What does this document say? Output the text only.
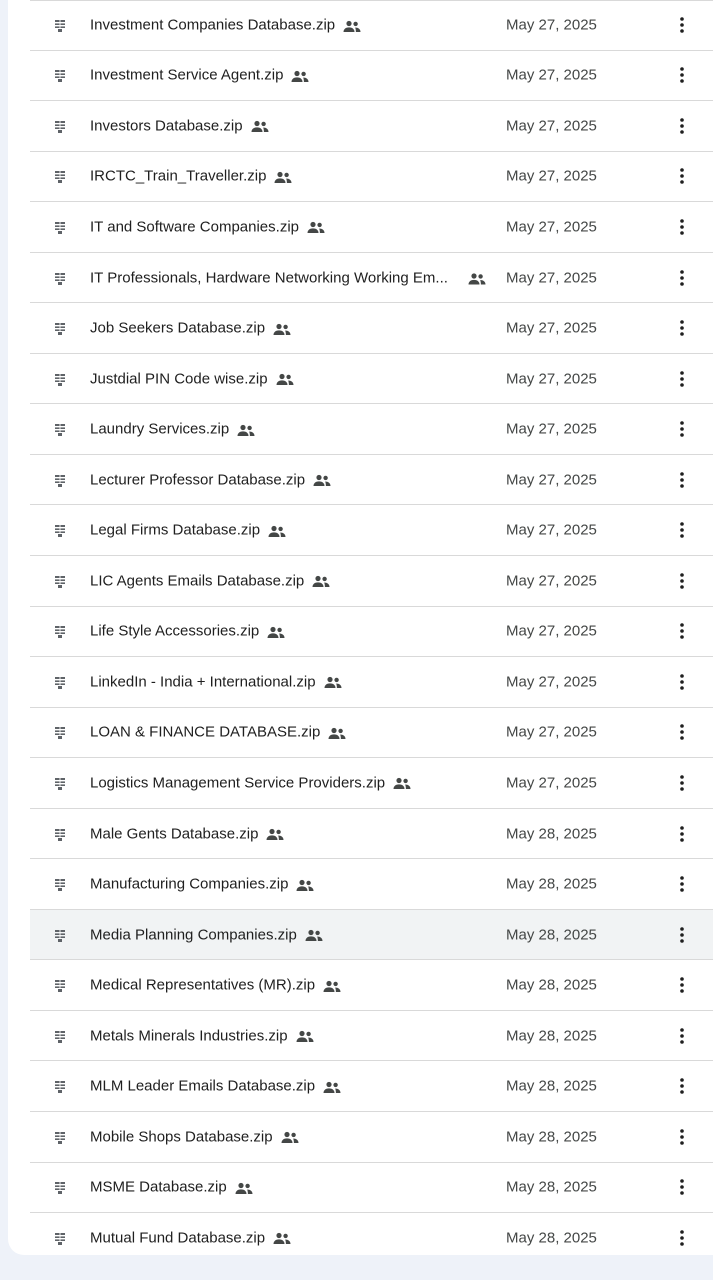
Investment Companies Database.zip	May 27, 2025
Investment Service Agent.zip	May 27, 2025
Investors Database.zip	May 27, 2025
IRCTC_Train_Traveller.zip	May 27, 2025
IT and Software Companies.zip	May 27, 2025
IT Professionals, Hardware Networking Working Em...	May 27, 2025
Job Seekers Database.zip	May 27, 2025
Justdial PIN Code wise.zip	May 27, 2025
Laundry Services.zip	May 27, 2025
Lecturer Professor Database.zip	May 27, 2025
Legal Firms Database.zip	May 27, 2025
LIC Agents Emails Database.zip	May 27, 2025
Life Style Accessories.zip	May 27, 2025
LinkedIn - India + International.zip	May 27, 2025
LOAN & FINANCE DATABASE.zip	May 27, 2025
Logistics Management Service Providers.zip	May 27, 2025
Male Gents Database.zip	May 28, 2025
Manufacturing Companies.zip	May 28, 2025
Media Planning Companies.zip	May 28, 2025
Medical Representatives (MR).zip	May 28, 2025
Metals Minerals Industries.zip	May 28, 2025
MLM Leader Emails Database.zip	May 28, 2025
Mobile Shops Database.zip	May 28, 2025
MSME Database.zip	May 28, 2025
Mutual Fund Database.zip	May 28, 2025
